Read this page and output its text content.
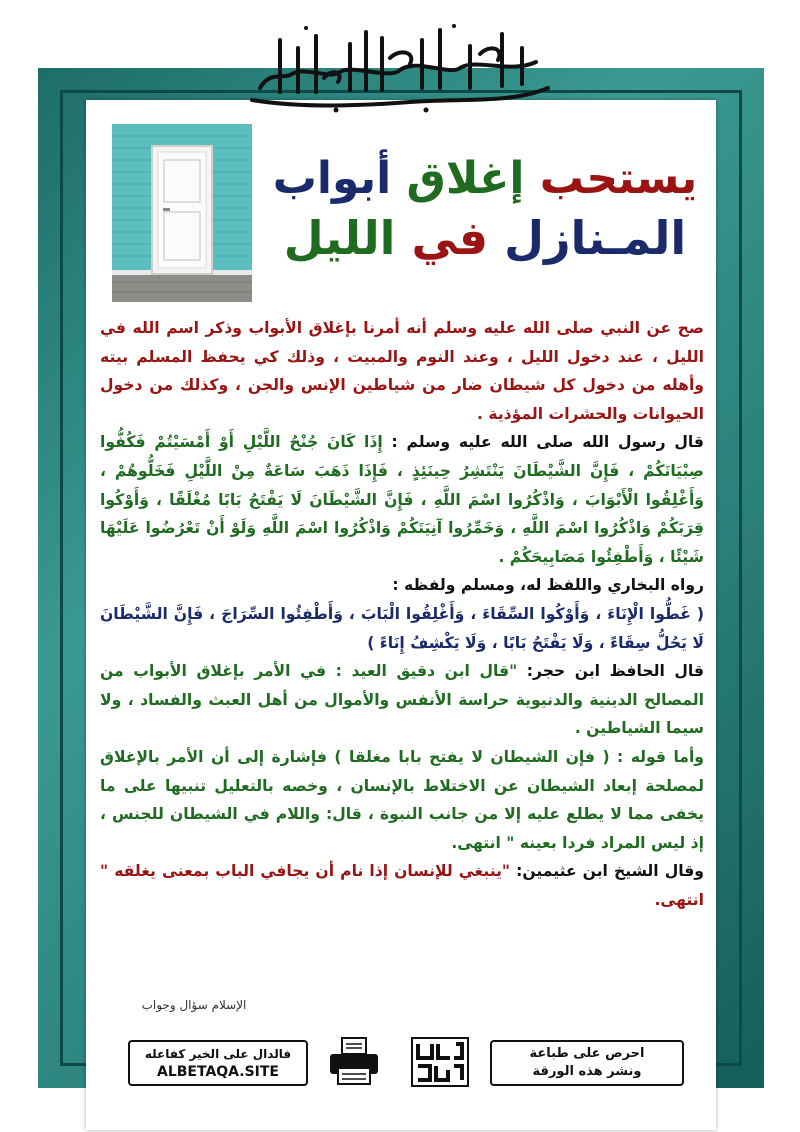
يستحب إغلاق أبواب
المـنازل في الليل

صح عن النبي صلى الله عليه وسلم أنه أمرنا بإغلاق الأبواب وذكر اسم الله في الليل ، عند دخول الليل ، وعند النوم والمبيت ، وذلك كي يحفظ المسلم بيته وأهله من دخول كل شيطان ضار من شياطين الإنس والجن ، وكذلك من دخول الحيوانات والحشرات المؤذية .

قال رسول الله صلى الله عليه وسلم : إِذَا كَانَ جُنْحُ اللَّيْلِ أَوْ أَمْسَيْتُمْ فَكُفُّوا صِبْيَانَكُمْ ، فَإِنَّ الشَّيْطَانَ يَنْتَشِرُ حِينَئِذٍ ، فَإِذَا ذَهَبَ سَاعَةٌ مِنْ اللَّيْلِ فَخَلُّوهُمْ ، وَأَغْلِقُوا الْأَبْوَابَ ، وَاذْكُرُوا اسْمَ اللَّهِ ، فَإِنَّ الشَّيْطَانَ لَا يَفْتَحُ بَابًا مُغْلَقًا ، وَأَوْكُوا قِرَبَكُمْ وَاذْكُرُوا اسْمَ اللَّهِ ، وَخَمِّرُوا آنِيَتَكُمْ وَاذْكُرُوا اسْمَ اللَّهِ وَلَوْ أَنْ تَعْرُضُوا عَلَيْهَا شَيْئًا ، وَأَطْفِئُوا مَصَابِيحَكُمْ .

رواه البخاري واللفظ له، ومسلم ولفظه :

( غَطُّوا الْإِنَاءَ ، وَأَوْكُوا السِّقَاءَ ، وَأَغْلِقُوا الْبَابَ ، وَأَطْفِئُوا السِّرَاجَ ، فَإِنَّ الشَّيْطَانَ لَا يَحُلُّ سِقَاءً ، وَلَا يَفْتَحُ بَابًا ، وَلَا يَكْشِفُ إِنَاءً )

قال الحافظ ابن حجر: "قال ابن دقيق العيد : في الأمر بإغلاق الأبواب من المصالح الدينية والدنيوية حراسة الأنفس والأموال من أهل العبث والفساد ، ولا سيما الشياطين .

وأما قوله : ( فإن الشيطان لا يفتح بابا مغلقا ) فإشارة إلى أن الأمر بالإغلاق لمصلحة إبعاد الشيطان عن الاختلاط بالإنسان ، وخصه بالتعليل تنبيها على ما يخفى مما لا يطلع عليه إلا من جانب النبوة ، قال: واللام في الشيطان للجنس ، إذ ليس المراد فردا بعينه " انتهى.

وقال الشيخ ابن عثيمين: "ينبغي للإنسان إذا نام أن يجافي الباب بمعنى يغلقه " انتهى.

الإسلام سؤال وجواب
فالدال على الخير كفاعله
ALBETAQA.SITE
احرص على طباعة
ونشر هذه الورقة
